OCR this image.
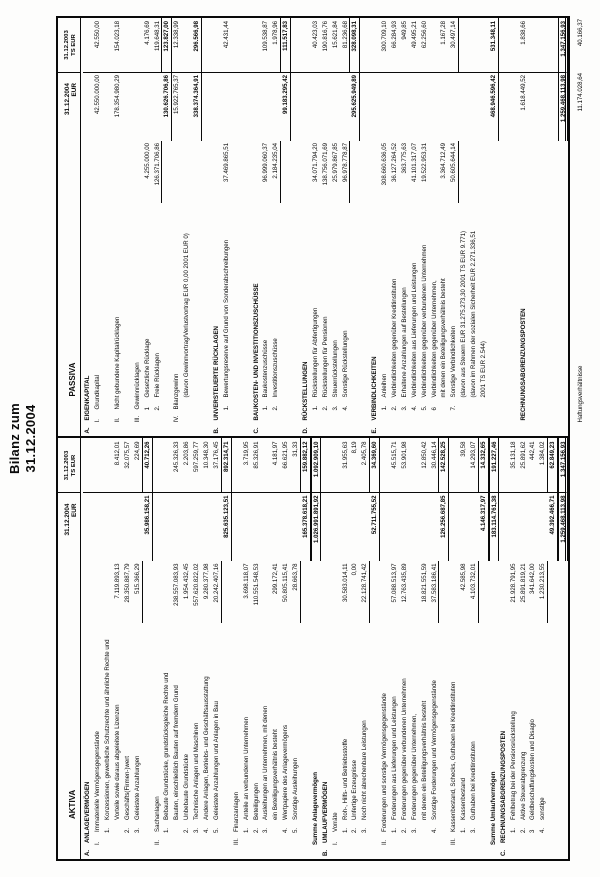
Bilanz zum 31.12.2004
AKTIVA
31.12.2004 EUR
31.12.2003 TS EUR
A.
ANLAGEVERMÖGEN
I.
Immaterielle Vermögensgegenstände 1.
Konzessionen, gewerbliche Schutzrechte und ähnliche Rechte und Vorteile sowie daraus abgeleitete Lizenzen
7.119.893,13
8.412,01
2.
Geschäfts(Firmen-)wert
28.350.887,79
32.075,57
3.
Geleistete Anzahlungen
515.366,29
224,69
35.986.158,21
40.712,26
II.
Sachanlagen 1.
Bebaute Grundstücke, grundstücksgleiche Rechte und Bauten, einschließlich Bauten auf fremdem Grund
238.557.083,93
245.326,33
2.
Unbebaute Grundstücke
1.954.432,45
2.203,86
3.
Technische Anlagen und Maschinen
557.620.822,02
597.259,77
4.
Andere Anlagen, Betriebs- und Geschäftsausstattung
9.280.377,98
10.348,30
5.
Geleistete Anzahlungen und Anlagen in Bau
20.242.407,16
37.176,45
825.635.123,51
892.314,71
III.
Finanzanlagen 1.
Anteile an verbundenen Unternehmen
3.698.118,07
3.719,95
2.
Beteiligungen
110.551.548,53
85.326,91
3.
Ausleihungen an Unternehmen, mit denen ein Beteiligungsverhältnis besteht
299.172,41
4.181,97
4.
Wertpapiere des Anlagevermögens
50.805.115,41
66.621,95
5.
Sonstige Ausleihungen
28.663,78
31,33
165.378.618,21
159.882,12
Summe Anlagevermögen
1.026.991.891,92
1.092.909,10
B.
UMLAUFVERMÖGEN
I.
Vorräte 1.
Roh-, Hilfs- und Betriebsstoffe
30.583.014,11
31.955,63
2.
Unfertige Erzeugnisse
0,00
8,19
3.
Noch nicht abrechenbare Leistungen
22.128.741,42
2.405,78
52.711.755,52
34.369,60
II.
Forderungen und sonstige Vermögensgegenstände 1.
Forderungen aus Lieferungen und Leistungen
57.088.513,97
45.515,71
2.
Forderungen gegenüber verbundenen Unternehmen
12.763.435,89
53.901,98
3.
Forderungen gegenüber Unternehmen, mit denen ein Beteiligungsverhältnis besteht
18.821.551,59
12.850,42
4.
Sonstige Forderungen und Vermögensgegenstände
37.583.186,41
30.446,14
126.256.687,85
142.528,25
III.
Kassenbestand, Schecks, Guthaben bei Kreditinstituten 1.
Kassenbestand
42.585,98
39,58
3.
Guthaben bei Kreditinstituten
4.103.732,01
14.293,07
4.146.317,97
14.332,65
Summe Umlaufvermögen
183.114.761,38
191.227,46
C.
RECHNUNGSABGRENZUNGSPOSTEN 1.
Fehlbetrag bei der Pensionsrückstellung
21.928.791,95
35.131,18
2.
Aktive Steuerabgrenzung
25.891.819,21
25.891,62
3
Geldbeschaffungskosten und Disagio
341.642,00
442,41
4.
sonstige
1.230.213,55
1.384,02
49.392.466,71
62.849,23
1.259.468.113,98
1.347.156,93
PASSIVA
31.12.2004 EUR
31.12.2003 TS EUR
A.
EIGENKAPITAL
I.
Grundkapital
42.550.000,00
42.550,00
II.
Nicht gebundene Kapitalrücklagen
178.354.980,29
154.023,18
III.
Gewinnrücklagen 1
Gesetzliche Rücklage
4.255.000,00
4.176,69
2.
Freie Rücklagen
126.371.706,86
119.648,31
130.626.706,86
123.827,00
IV.
Bilanzgewinn
15.922.765,37
12.338,99
(davon Gewinnvortrag/Verlustvortrag EUR 0,00 2001 EUR 0)
338.374.364,91
296.566,98
B.
UNVERSTEUERTE RÜCKLAGEN 1.
Bewertungsreserve auf Grund von Sonderabschreibungen
37.469.865,51
42.431,44
C.
BAUKOSTEN- UND INVESTITIONSZUSCHÜSSE 1.
Baukostenzuschüsse
96.999.060,37
109.538,87
2.
Investitionszuschüsse
2.184.235,04
1.978,96
99.183.295,42
111.517,83
D.
RÜCKSTELLUNGEN 1.
Rückstellungen für Abfertigungen
34.071.794,20
40.423,03
2.
Rückstellungen für Pensionen
138.756.071,69
190.816,76
3.
Steuerrückstellungen
25.979.867,85
15.621,84
4.
Sonstige Rückstellungen
96.978.778,87
81.236,68
295.625.949,89
328.098,31
E.
VERBINDLICHKEITEN 1.
Anleihen
308.660.636,05
300.709,10
2.
Verbindlichkeiten gegenüber Kreditinstituten
36.127.264,52
66.284,93
3.
Erhaltene Anzahlungen auf Bestellungen
363.775,63
949,85
4.
Verbindlichkeiten aus Lieferungen und Leistungen
41.101.317,07
49.495,21
5.
Verbindlichkeiten gegenüber verbundenen Unternehmen
19.522.953,31
62.256,60
6
Verbindlichkeiten gegenüber Unternehmen, mit denen ein Beteiligungsverhältnis besteht
3.364.712,49
1.167,28
7.
Sonstige Verbindlichkeiten
50.605.644,14
30.497,14
(davon aus Steuern EUR 31.275.273,30 2001 TS EUR 9.771) (davon im Rahmen der sozialen Sicherheit EUR 2.271.336,51 2001 TS EUR 2.544)
468.946.596,42
531.348,11
RECHNUNGSABGRENZUNGSPOSTEN
1.618.449,52
1.838,66
1.259.468.113,98
1.347.156,93
Haftungsverhältnisse
11.174.028,64
40.166,37
